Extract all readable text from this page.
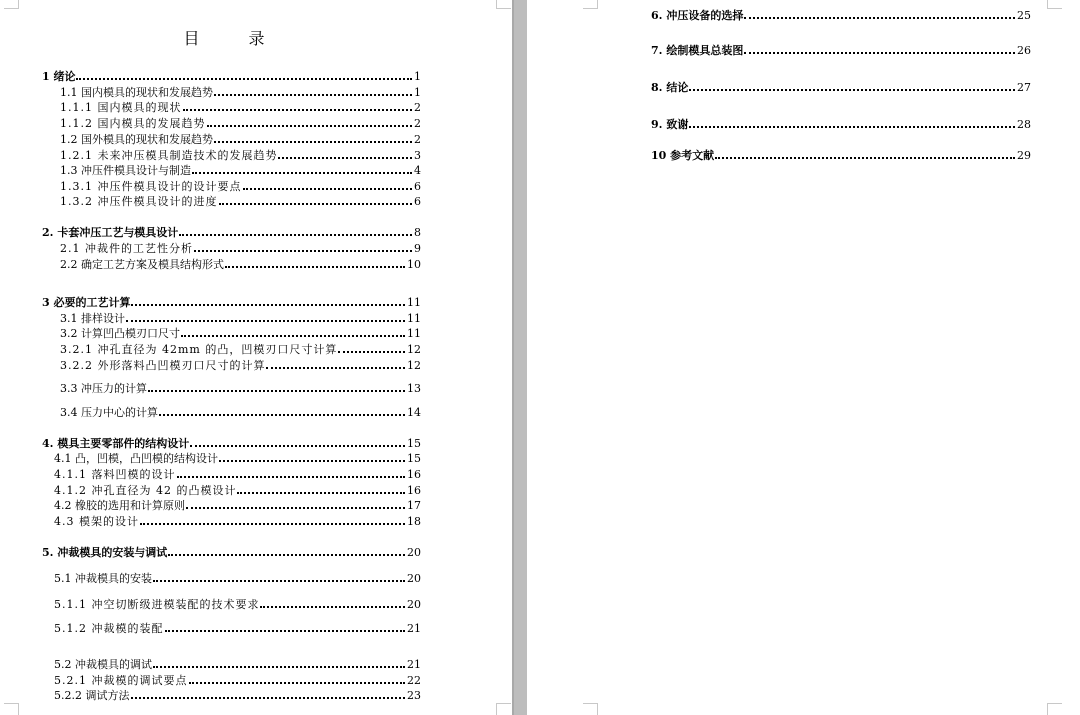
目 录
1 绪论	1
1.1 国内模具的现状和发展趋势	1
1.1.1 国内模具的现状	2
1.1.2 国内模具的发展趋势	2
1.2 国外模具的现状和发展趋势	2
1.2.1 未来冲压模具制造技术的发展趋势	3
1.3 冲压件模具设计与制造	4
1.3.1 冲压件模具设计的设计要点	6
1.3.2 冲压件模具设计的进度	6
2. 卡套冲压工艺与模具设计	8
2.1 冲裁件的工艺性分析	9
2.2 确定工艺方案及模具结构形式	10
3 必要的工艺计算	11
3.1 排样设计	11
3.2 计算凹凸模刃口尺寸	11
3.2.1 冲孔直径为 42mm 的凸，凹模刃口尺寸计算	12
3.2.2 外形落料凸凹模刃口尺寸的计算	12
3.3 冲压力的计算	13
3.4 压力中心的计算	14
4. 模具主要零部件的结构设计	15
4.1 凸，凹模，凸凹模的结构设计	15
4.1.1 落料凹模的设计	16
4.1.2 冲孔直径为 42 的凸模设计	16
4.2 橡胶的选用和计算原则	17
4.3 模架的设计	18
5. 冲裁模具的安装与调试	20
5.1 冲裁模具的安装	20
5.1.1 冲空切断级进模装配的技术要求	20
5.1.2 冲裁模的装配	21
5.2 冲裁模具的调试	21
5.2.1 冲裁模的调试要点	22
5.2.2 调试方法	23
6. 冲压设备的选择	25
7. 绘制模具总装图	26
8. 结论	27
9. 致谢	28
10 参考文献	29
